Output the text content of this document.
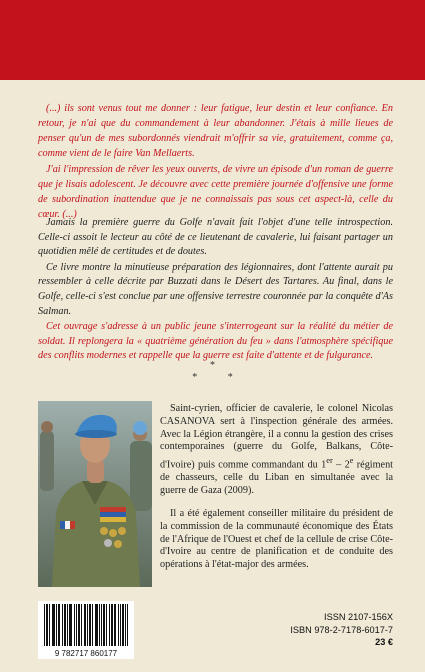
(...) ils sont venus tout me donner : leur fatigue, leur destin et leur confiance. En retour, je n'ai que du commandement à leur abandonner. J'étais à mille lieues de penser qu'un de mes subordonnés viendrait m'offrir sa vie, gratuitement, comme ça, comme vient de le faire Van Mellaerts.

J'ai l'impression de rêver les yeux ouverts, de vivre un épisode d'un roman de guerre que je lisais adolescent. Je découvre avec cette première journée d'offensive une forme de subordination inattendue que je ne connaissais pas sous cet aspect-là, celle du cœur. (...)

Jamais la première guerre du Golfe n'avait fait l'objet d'une telle introspection. Celle-ci assoit le lecteur au côté de ce lieutenant de cavalerie, lui faisant partager un quotidien mêlé de certitudes et de doutes.

Ce livre montre la minutieuse préparation des légionnaires, dont l'attente aurait pu ressembler à celle décrite par Buzzati dans le Désert des Tartares. Au final, dans le Golfe, celle-ci s'est conclue par une offensive terrestre couronnée par la conquête d'As Salman.

Cet ouvrage s'adresse à un public jeune s'interrogeant sur la réalité du métier de soldat. Il replongera la « quatrième génération du feu » dans l'atmosphère spécifique des conflits modernes et rappelle que la guerre est faite d'attente et de fulgurance.

*
* *

Saint-cyrien, officier de cavalerie, le colonel Nicolas CASANOVA sert à l'inspection générale des armées. Avec la Légion étrangère, il a connu la gestion des crises contemporaines (guerre du Golfe, Balkans, Côte-d'Ivoire) puis comme commandant du 1er – 2e régiment de chasseurs, celle du Liban en simultanée avec la guerre de Gaza (2009).

Il a été également conseiller militaire du président de la commission de la communauté économique des États de l'Afrique de l'Ouest et chef de la cellule de crise Côte-d'Ivoire au centre de planification et de conduite des opérations à l'état-major des armées.

9 782717 860177
ISSN 2107-156X
ISBN 978-2-7178-6017-7
23 €
